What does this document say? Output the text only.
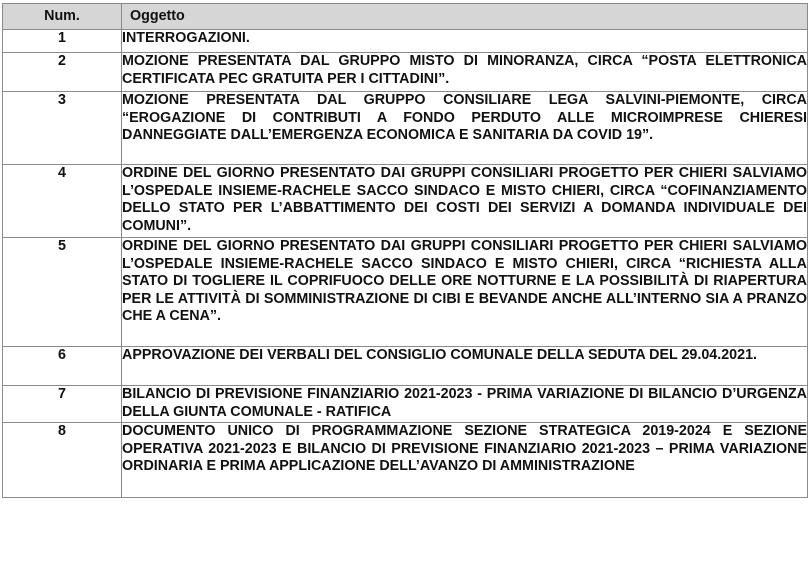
Num.	Oggetto
1	INTERROGAZIONI.
2	MOZIONE PRESENTATA DAL GRUPPO MISTO DI MINORANZA, CIRCA “POSTA ELETTRONICA CERTIFICATA PEC GRATUITA PER I CITTADINI”.
3	MOZIONE PRESENTATA DAL GRUPPO CONSILIARE LEGA SALVINI-PIEMONTE, CIRCA “EROGAZIONE DI CONTRIBUTI A FONDO PERDUTO ALLE MICROIMPRESE CHIERESI DANNEGGIATE DALL’EMERGENZA ECONOMICA E SANITARIA DA COVID 19”.
4	ORDINE DEL GIORNO PRESENTATO DAI GRUPPI CONSILIARI PROGETTO PER CHIERI SALVIAMO L’OSPEDALE INSIEME-RACHELE SACCO SINDACO E MISTO CHIERI, CIRCA “COFINANZIAMENTO DELLO STATO PER L’ABBATTIMENTO DEI COSTI DEI SERVIZI A DOMANDA INDIVIDUALE DEI COMUNI”.
5	ORDINE DEL GIORNO PRESENTATO DAI GRUPPI CONSILIARI PROGETTO PER CHIERI SALVIAMO L’OSPEDALE INSIEME-RACHELE SACCO SINDACO E MISTO CHIERI, CIRCA “RICHIESTA ALLA STATO DI TOGLIERE IL COPRIFUOCO DELLE ORE NOTTURNE E LA POSSIBILITÀ DI RIAPERTURA PER LE ATTIVITÀ DI SOMMINISTRAZIONE DI CIBI E BEVANDE ANCHE ALL’INTERNO SIA A PRANZO CHE A CENA”.
6	APPROVAZIONE DEI VERBALI DEL CONSIGLIO COMUNALE DELLA SEDUTA DEL 29.04.2021.
7	BILANCIO DI PREVISIONE FINANZIARIO 2021-2023 - PRIMA VARIAZIONE DI BILANCIO D’URGENZA DELLA GIUNTA COMUNALE - RATIFICA
8	DOCUMENTO UNICO DI PROGRAMMAZIONE SEZIONE STRATEGICA 2019-2024 E SEZIONE OPERATIVA 2021-2023 E BILANCIO DI PREVISIONE FINANZIARIO 2021-2023 – PRIMA VARIAZIONE ORDINARIA E PRIMA APPLICAZIONE DELL’AVANZO DI AMMINISTRAZIONE
